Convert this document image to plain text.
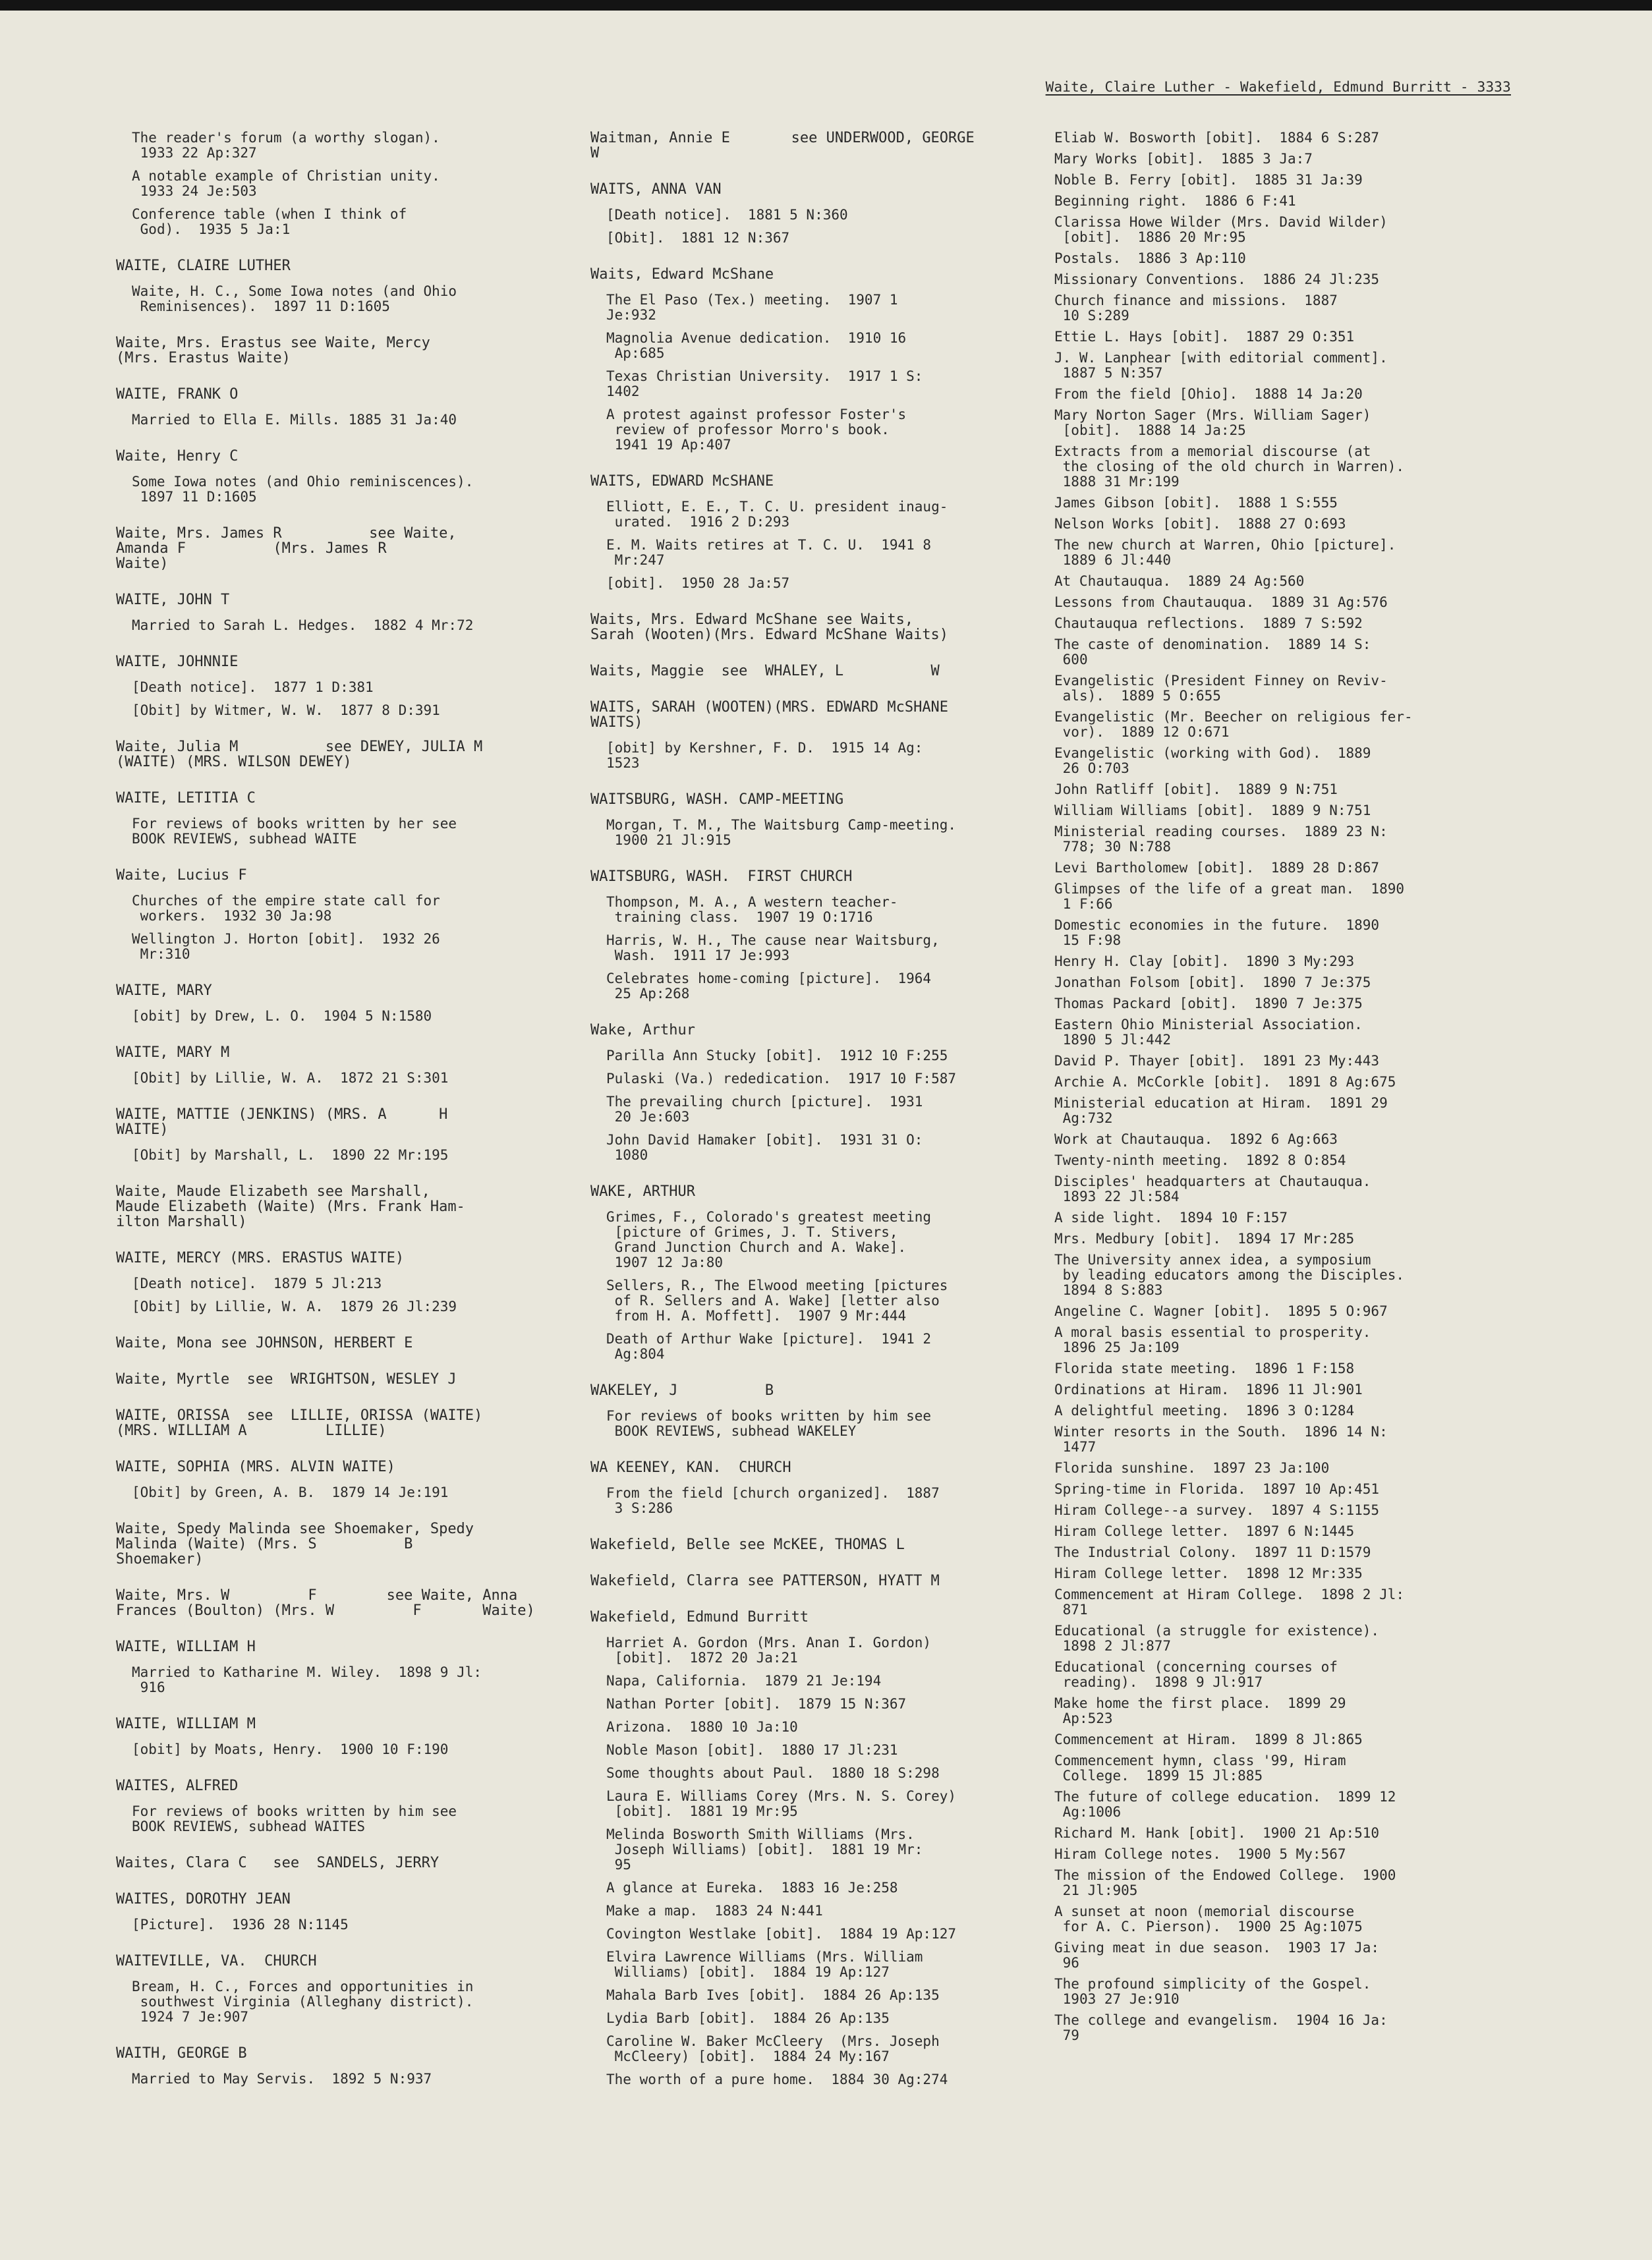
Waite, Claire Luther - Wakefield, Edmund Burritt - 3333
The reader's forum (a worthy slogan).
1933 22 Ap:327
A notable example of Christian unity.
1933 24 Je:503
Conference table (when I think of
God).  1935 5 Ja:1
WAITE, CLAIRE LUTHER
Waite, H. C., Some Iowa notes (and Ohio
Reminisences).  1897 11 D:1605
Waite, Mrs. Erastus see Waite, Mercy
(Mrs. Erastus Waite)
WAITE, FRANK O
Married to Ella E. Mills. 1885 31 Ja:40
Waite, Henry C
Some Iowa notes (and Ohio reminiscences).
1897 11 D:1605
Waite, Mrs. James R          see Waite,
Amanda F          (Mrs. James R
Waite)
WAITE, JOHN T
Married to Sarah L. Hedges.  1882 4 Mr:72
WAITE, JOHNNIE
[Death notice].  1877 1 D:381
[Obit] by Witmer, W. W.  1877 8 D:391
Waite, Julia M          see DEWEY, JULIA M
(WAITE) (MRS. WILSON DEWEY)
WAITE, LETITIA C
For reviews of books written by her see
BOOK REVIEWS, subhead WAITE
Waite, Lucius F
Churches of the empire state call for
workers.  1932 30 Ja:98
Wellington J. Horton [obit].  1932 26
Mr:310
WAITE, MARY
[obit] by Drew, L. O.  1904 5 N:1580
WAITE, MARY M
[Obit] by Lillie, W. A.  1872 21 S:301
WAITE, MATTIE (JENKINS) (MRS. A      H
WAITE)
[Obit] by Marshall, L.  1890 22 Mr:195
Waite, Maude Elizabeth see Marshall,
Maude Elizabeth (Waite) (Mrs. Frank Ham-
ilton Marshall)
WAITE, MERCY (MRS. ERASTUS WAITE)
[Death notice].  1879 5 Jl:213
[Obit] by Lillie, W. A.  1879 26 Jl:239
Waite, Mona see JOHNSON, HERBERT E
Waite, Myrtle  see  WRIGHTSON, WESLEY J
WAITE, ORISSA  see  LILLIE, ORISSA (WAITE)
(MRS. WILLIAM A         LILLIE)
WAITE, SOPHIA (MRS. ALVIN WAITE)
[Obit] by Green, A. B.  1879 14 Je:191
Waite, Spedy Malinda see Shoemaker, Spedy
Malinda (Waite) (Mrs. S          B
Shoemaker)
Waite, Mrs. W         F        see Waite, Anna
Frances (Boulton) (Mrs. W         F       Waite)
WAITE, WILLIAM H
Married to Katharine M. Wiley.  1898 9 Jl:
916
WAITE, WILLIAM M
[obit] by Moats, Henry.  1900 10 F:190
WAITES, ALFRED
For reviews of books written by him see
BOOK REVIEWS, subhead WAITES
Waites, Clara C   see  SANDELS, JERRY
WAITES, DOROTHY JEAN
[Picture].  1936 28 N:1145
WAITEVILLE, VA.  CHURCH
Bream, H. C., Forces and opportunities in
southwest Virginia (Alleghany district).
1924 7 Je:907
WAITH, GEORGE B
Married to May Servis.  1892 5 N:937
Waitman, Annie E       see UNDERWOOD, GEORGE
W
WAITS, ANNA VAN
[Death notice].  1881 5 N:360
[Obit].  1881 12 N:367
Waits, Edward McShane
The El Paso (Tex.) meeting.  1907 1
Je:932
Magnolia Avenue dedication.  1910 16
Ap:685
Texas Christian University.  1917 1 S:
1402
A protest against professor Foster's
review of professor Morro's book.
1941 19 Ap:407
WAITS, EDWARD McSHANE
Elliott, E. E., T. C. U. president inaug-
urated.  1916 2 D:293
E. M. Waits retires at T. C. U.  1941 8
Mr:247
[obit].  1950 28 Ja:57
Waits, Mrs. Edward McShane see Waits,
Sarah (Wooten)(Mrs. Edward McShane Waits)
Waits, Maggie  see  WHALEY, L          W
WAITS, SARAH (WOOTEN)(MRS. EDWARD McSHANE
WAITS)
[obit] by Kershner, F. D.  1915 14 Ag:
1523
WAITSBURG, WASH. CAMP-MEETING
Morgan, T. M., The Waitsburg Camp-meeting.
1900 21 Jl:915
WAITSBURG, WASH.  FIRST CHURCH
Thompson, M. A., A western teacher-
training class.  1907 19 O:1716
Harris, W. H., The cause near Waitsburg,
Wash.  1911 17 Je:993
Celebrates home-coming [picture].  1964
25 Ap:268
Wake, Arthur
Parilla Ann Stucky [obit].  1912 10 F:255
Pulaski (Va.) rededication.  1917 10 F:587
The prevailing church [picture].  1931
20 Je:603
John David Hamaker [obit].  1931 31 O:
1080
WAKE, ARTHUR
Grimes, F., Colorado's greatest meeting
[picture of Grimes, J. T. Stivers,
Grand Junction Church and A. Wake].
1907 12 Ja:80
Sellers, R., The Elwood meeting [pictures
of R. Sellers and A. Wake] [letter also
from H. A. Moffett].  1907 9 Mr:444
Death of Arthur Wake [picture].  1941 2
Ag:804
WAKELEY, J          B
For reviews of books written by him see
BOOK REVIEWS, subhead WAKELEY
WA KEENEY, KAN.  CHURCH
From the field [church organized].  1887
3 S:286
Wakefield, Belle see McKEE, THOMAS L
Wakefield, Clarra see PATTERSON, HYATT M
Wakefield, Edmund Burritt
Harriet A. Gordon (Mrs. Anan I. Gordon)
[obit].  1872 20 Ja:21
Napa, California.  1879 21 Je:194
Nathan Porter [obit].  1879 15 N:367
Arizona.  1880 10 Ja:10
Noble Mason [obit].  1880 17 Jl:231
Some thoughts about Paul.  1880 18 S:298
Laura E. Williams Corey (Mrs. N. S. Corey)
[obit].  1881 19 Mr:95
Melinda Bosworth Smith Williams (Mrs.
Joseph Williams) [obit].  1881 19 Mr:
95
A glance at Eureka.  1883 16 Je:258
Make a map.  1883 24 N:441
Covington Westlake [obit].  1884 19 Ap:127
Elvira Lawrence Williams (Mrs. William
Williams) [obit].  1884 19 Ap:127
Mahala Barb Ives [obit].  1884 26 Ap:135
Lydia Barb [obit].  1884 26 Ap:135
Caroline W. Baker McCleery  (Mrs. Joseph
McCleery) [obit].  1884 24 My:167
The worth of a pure home.  1884 30 Ag:274
Eliab W. Bosworth [obit].  1884 6 S:287
Mary Works [obit].  1885 3 Ja:7
Noble B. Ferry [obit].  1885 31 Ja:39
Beginning right.  1886 6 F:41
Clarissa Howe Wilder (Mrs. David Wilder)
[obit].  1886 20 Mr:95
Postals.  1886 3 Ap:110
Missionary Conventions.  1886 24 Jl:235
Church finance and missions.  1887
10 S:289
Ettie L. Hays [obit].  1887 29 O:351
J. W. Lanphear [with editorial comment].
1887 5 N:357
From the field [Ohio].  1888 14 Ja:20
Mary Norton Sager (Mrs. William Sager)
[obit].  1888 14 Ja:25
Extracts from a memorial discourse (at
the closing of the old church in Warren).
1888 31 Mr:199
James Gibson [obit].  1888 1 S:555
Nelson Works [obit].  1888 27 O:693
The new church at Warren, Ohio [picture].
1889 6 Jl:440
At Chautauqua.  1889 24 Ag:560
Lessons from Chautauqua.  1889 31 Ag:576
Chautauqua reflections.  1889 7 S:592
The caste of denomination.  1889 14 S:
600
Evangelistic (President Finney on Reviv-
als).  1889 5 O:655
Evangelistic (Mr. Beecher on religious fer-
vor).  1889 12 O:671
Evangelistic (working with God).  1889
26 O:703
John Ratliff [obit].  1889 9 N:751
William Williams [obit].  1889 9 N:751
Ministerial reading courses.  1889 23 N:
778; 30 N:788
Levi Bartholomew [obit].  1889 28 D:867
Glimpses of the life of a great man.  1890
1 F:66
Domestic economies in the future.  1890
15 F:98
Henry H. Clay [obit].  1890 3 My:293
Jonathan Folsom [obit].  1890 7 Je:375
Thomas Packard [obit].  1890 7 Je:375
Eastern Ohio Ministerial Association.
1890 5 Jl:442
David P. Thayer [obit].  1891 23 My:443
Archie A. McCorkle [obit].  1891 8 Ag:675
Ministerial education at Hiram.  1891 29
Ag:732
Work at Chautauqua.  1892 6 Ag:663
Twenty-ninth meeting.  1892 8 O:854
Disciples' headquarters at Chautauqua.
1893 22 Jl:584
A side light.  1894 10 F:157
Mrs. Medbury [obit].  1894 17 Mr:285
The University annex idea, a symposium
by leading educators among the Disciples.
1894 8 S:883
Angeline C. Wagner [obit].  1895 5 O:967
A moral basis essential to prosperity.
1896 25 Ja:109
Florida state meeting.  1896 1 F:158
Ordinations at Hiram.  1896 11 Jl:901
A delightful meeting.  1896 3 O:1284
Winter resorts in the South.  1896 14 N:
1477
Florida sunshine.  1897 23 Ja:100
Spring-time in Florida.  1897 10 Ap:451
Hiram College--a survey.  1897 4 S:1155
Hiram College letter.  1897 6 N:1445
The Industrial Colony.  1897 11 D:1579
Hiram College letter.  1898 12 Mr:335
Commencement at Hiram College.  1898 2 Jl:
871
Educational (a struggle for existence).
1898 2 Jl:877
Educational (concerning courses of
reading).  1898 9 Jl:917
Make home the first place.  1899 29
Ap:523
Commencement at Hiram.  1899 8 Jl:865
Commencement hymn, class '99, Hiram
College.  1899 15 Jl:885
The future of college education.  1899 12
Ag:1006
Richard M. Hank [obit].  1900 21 Ap:510
Hiram College notes.  1900 5 My:567
The mission of the Endowed College.  1900
21 Jl:905
A sunset at noon (memorial discourse
for A. C. Pierson).  1900 25 Ag:1075
Giving meat in due season.  1903 17 Ja:
96
The profound simplicity of the Gospel.
1903 27 Je:910
The college and evangelism.  1904 16 Ja:
79
